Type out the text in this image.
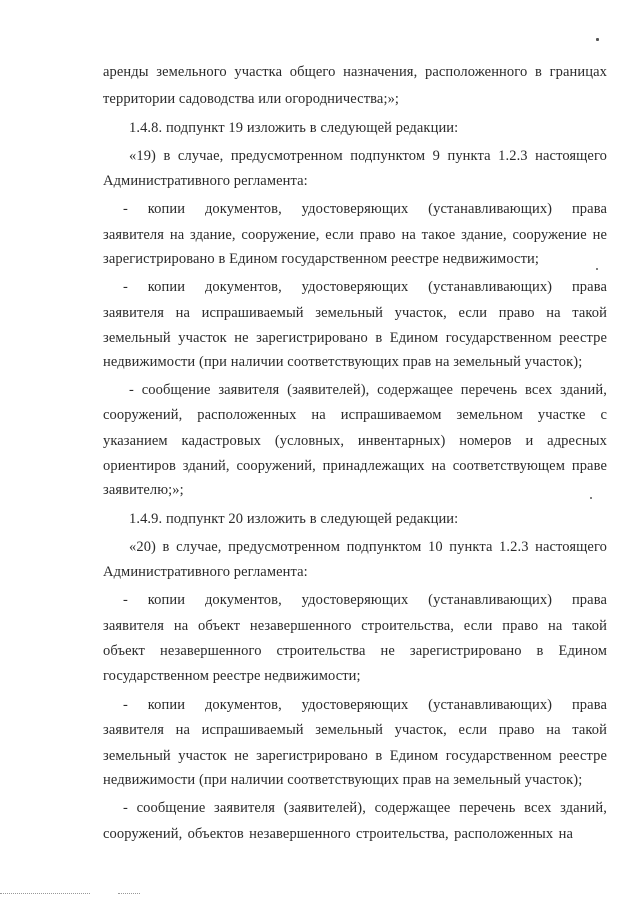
аренды земельного участка общего назначения, расположенного в границах
территории садоводства или огородничества;»;
1.4.8. подпункт 19 изложить в следующей редакции:
«19) в случае, предусмотренном подпунктом 9 пункта 1.2.3 настоящего
Административного регламента:
- копии документов, удостоверяющих (устанавливающих) права
заявителя на здание, сооружение, если право на такое здание, сооружение не
зарегистрировано в Едином государственном реестре недвижимости;
- копии документов, удостоверяющих (устанавливающих) права
заявителя на испрашиваемый земельный участок, если право на такой
земельный участок не зарегистрировано в Едином государственном реестре
недвижимости (при наличии соответствующих прав на земельный участок);
- сообщение заявителя (заявителей), содержащее перечень всех зданий,
сооружений, расположенных на испрашиваемом земельном участке с
указанием кадастровых (условных, инвентарных) номеров и адресных
ориентиров зданий, сооружений, принадлежащих на соответствующем праве
заявителю;»;
1.4.9. подпункт 20 изложить в следующей редакции:
«20) в случае, предусмотренном подпунктом 10 пункта 1.2.3 настоящего
Административного регламента:
- копии документов, удостоверяющих (устанавливающих) права
заявителя на объект незавершенного строительства, если право на такой
объект незавершенного строительства не зарегистрировано в Едином
государственном реестре недвижимости;
- копии документов, удостоверяющих (устанавливающих) права
заявителя на испрашиваемый земельный участок, если право на такой
земельный участок не зарегистрировано в Едином государственном реестре
недвижимости (при наличии соответствующих прав на земельный участок);
- сообщение заявителя (заявителей), содержащее перечень всех зданий,
сооружений, объектов незавершенного строительства, расположенных на
